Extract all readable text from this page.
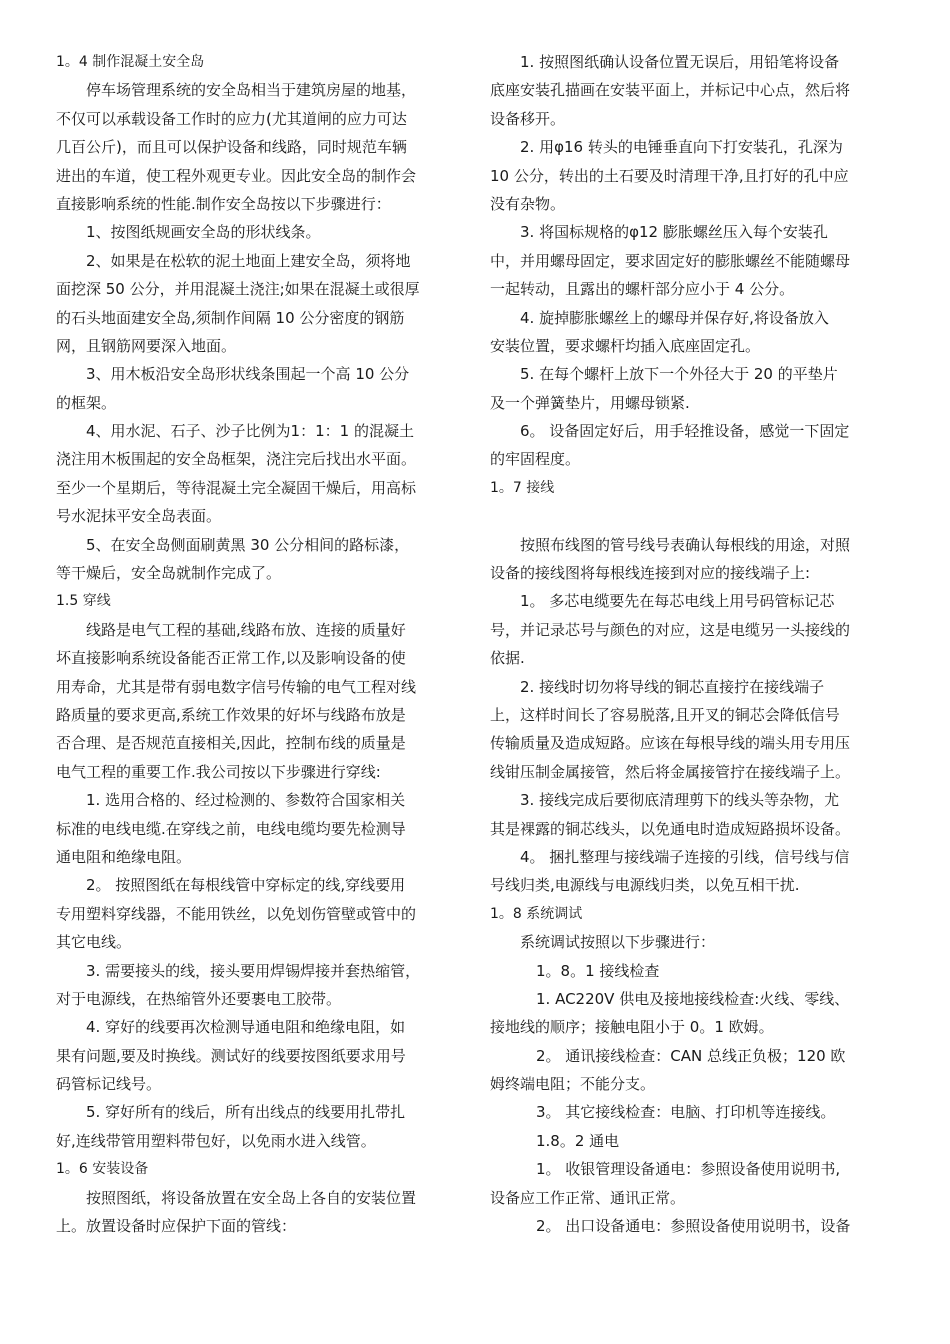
1。4 制作混凝土安全岛
停车场管理系统的安全岛相当于建筑房屋的地基，
不仅可以承载设备工作时的应力(尤其道闸的应力可达
几百公斤)，而且可以保护设备和线路，同时规范车辆
进出的车道，使工程外观更专业。因此安全岛的制作会
直接影响系统的性能.制作安全岛按以下步骤进行：
1、按图纸规画安全岛的形状线条。
2、如果是在松软的泥土地面上建安全岛，须将地
面挖深 50 公分，并用混凝土浇注;如果在混凝土或很厚
的石头地面建安全岛,须制作间隔 10 公分密度的钢筋
网，且钢筋网要深入地面。
3、用木板沿安全岛形状线条围起一个高 10 公分
的框架。
4、用水泥、石子、沙子比例为1：1：1 的混凝土
浇注用木板围起的安全岛框架，浇注完后找出水平面。
至少一个星期后，等待混凝土完全凝固干燥后，用高标
号水泥抹平安全岛表面。
5、在安全岛侧面刷黄黑 30 公分相间的路标漆，
等干燥后，安全岛就制作完成了。
1.5 穿线
线路是电气工程的基础,线路布放、连接的质量好
坏直接影响系统设备能否正常工作,以及影响设备的使
用寿命，尤其是带有弱电数字信号传输的电气工程对线
路质量的要求更高,系统工作效果的好坏与线路布放是
否合理、是否规范直接相关,因此，控制布线的质量是
电气工程的重要工作.我公司按以下步骤进行穿线:
1. 选用合格的、经过检测的、参数符合国家相关
标准的电线电缆.在穿线之前，电线电缆均要先检测导
通电阻和绝缘电阻。
2。 按照图纸在每根线管中穿标定的线,穿线要用
专用塑料穿线器，不能用铁丝，以免划伤管壁或管中的
其它电线。
3. 需要接头的线，接头要用焊锡焊接并套热缩管，
对于电源线，在热缩管外还要裹电工胶带。
4. 穿好的线要再次检测导通电阻和绝缘电阻，如
果有问题,要及时换线。测试好的线要按图纸要求用号
码管标记线号。
5. 穿好所有的线后，所有出线点的线要用扎带扎
好,连线带管用塑料带包好，以免雨水进入线管。
1。6 安装设备
按照图纸，将设备放置在安全岛上各自的安装位置
上。放置设备时应保护下面的管线：
1. 按照图纸确认设备位置无误后，用铅笔将设备
底座安装孔描画在安装平面上，并标记中心点，然后将
设备移开。
2. 用φ16 转头的电锤垂直向下打安装孔，孔深为
10 公分，转出的土石要及时清理干净,且打好的孔中应
没有杂物。
3. 将国标规格的φ12 膨胀螺丝压入每个安装孔
中，并用螺母固定，要求固定好的膨胀螺丝不能随螺母
一起转动，且露出的螺杆部分应小于 4 公分。
4. 旋掉膨胀螺丝上的螺母并保存好,将设备放入
安装位置，要求螺杆均插入底座固定孔。
5. 在每个螺杆上放下一个外径大于 20 的平垫片
及一个弹簧垫片，用螺母锁紧.
6。 设备固定好后，用手轻推设备，感觉一下固定
的牢固程度。
1。7 接线
按照布线图的管号线号表确认每根线的用途，对照
设备的接线图将每根线连接到对应的接线端子上:
1。 多芯电缆要先在每芯电线上用号码管标记芯
号，并记录芯号与颜色的对应，这是电缆另一头接线的
依据.
2. 接线时切勿将导线的铜芯直接拧在接线端子
上，这样时间长了容易脱落,且开叉的铜芯会降低信号
传输质量及造成短路。应该在每根导线的端头用专用压
线钳压制金属接管，然后将金属接管拧在接线端子上。
3. 接线完成后要彻底清理剪下的线头等杂物，尤
其是裸露的铜芯线头，以免通电时造成短路损坏设备。
4。 捆扎整理与接线端子连接的引线，信号线与信
号线归类,电源线与电源线归类，以免互相干扰.
1。8 系统调试
系统调试按照以下步骤进行：
1。8。1 接线检查
1. AC220V 供电及接地接线检查:火线、零线、
接地线的顺序；接触电阻小于 0。1 欧姆。
2。 通讯接线检查：CAN 总线正负极；120 欧
姆终端电阻；不能分支。
3。 其它接线检查：电脑、打印机等连接线。
1.8。2 通电
1。 收银管理设备通电：参照设备使用说明书,
设备应工作正常、通讯正常。
2。 出口设备通电：参照设备使用说明书，设备
